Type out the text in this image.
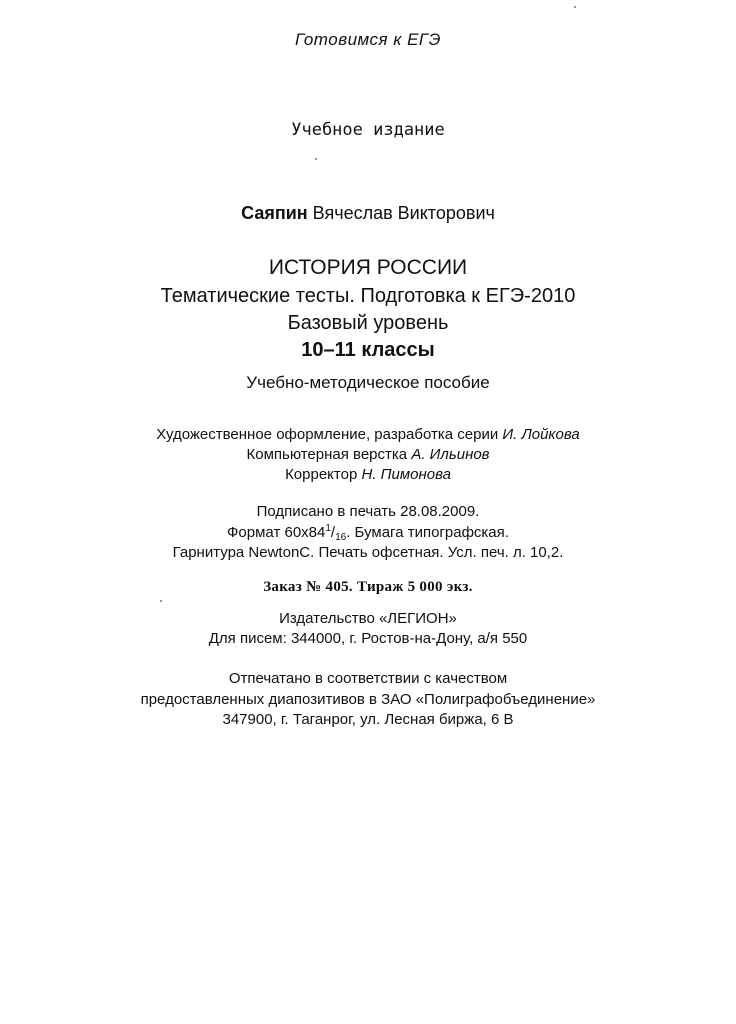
Готовимся к ЕГЭ
Учебное издание
Саяпин Вячеслав Викторович
ИСТОРИЯ РОССИИ
Тематические тесты. Подготовка к ЕГЭ-2010
Базовый уровень
10–11 классы
Учебно-методическое пособие
Художественное оформление, разработка серии И. Лойкова
Компьютерная верстка А. Ильинов
Корректор Н. Пимонова
Подписано в печать 28.08.2009.
Формат $60х84^1/_{16}$. Бумага типографская.
Гарнитура NewtonC. Печать офсетная. Усл. печ. л. 10,2.
Заказ № 405. Тираж 5 000 экз.
Издательство «ЛЕГИОН»
Для писем: 344000, г. Ростов-на-Дону, а/я 550
Отпечатано в соответствии с качеством
предоставленных диапозитивов в ЗАО «Полиграфобъединение»
347900, г. Таганрог, ул. Лесная биржа, 6 В
